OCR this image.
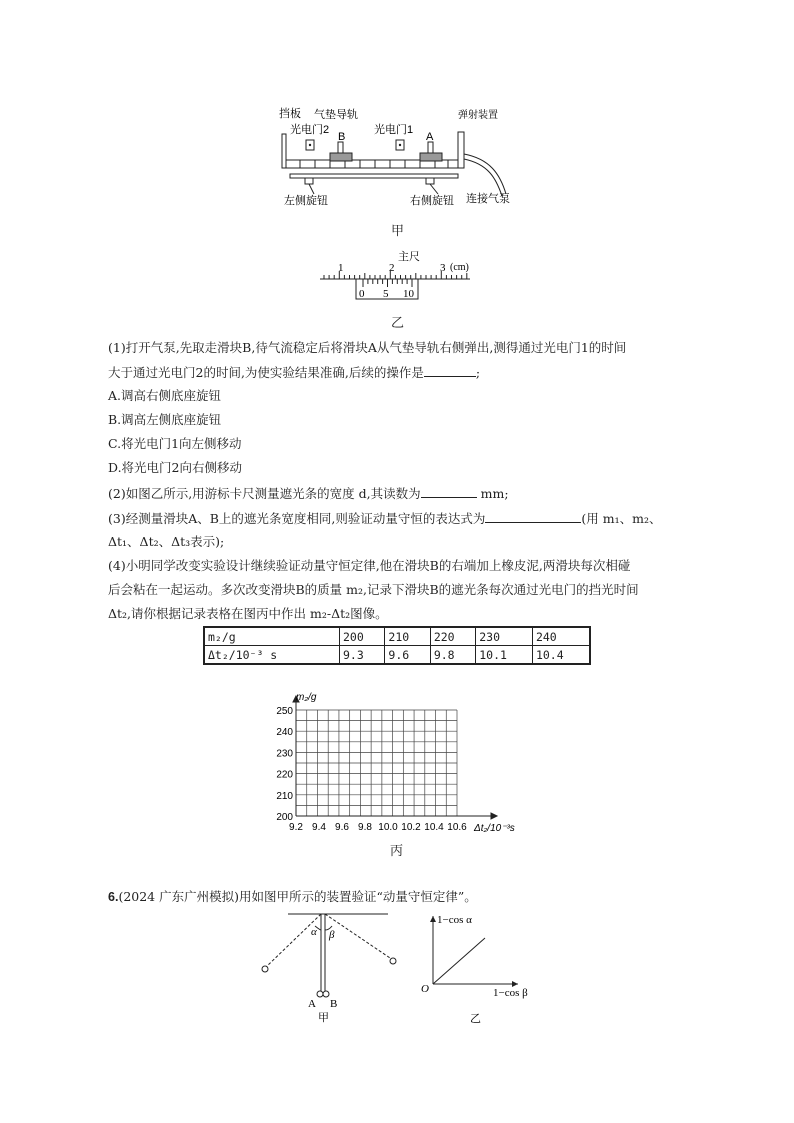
挡板 气垫导轨
光电门2
B
光电门1
A
弹射装置
左侧旋钮	右侧旋钮 连接气泵
甲
主尺
1	2	3 (cm)
0 5 10
乙
(1)打开气泵,先取走滑块B,待气流稳定后将滑块A从气垫导轨右侧弹出,测得通过光电门1的时间
大于通过光电门2的时间,为使实验结果准确,后续的操作是	;
A.调高右侧底座旋钮
B.调高左侧底座旋钮
C.将光电门1向左侧移动
D.将光电门2向右侧移动
(2)如图乙所示,用游标卡尺测量遮光条的宽度 d,其读数为	mm;
(3)经测量滑块A、B上的遮光条宽度相同,则验证动量守恒的表达式为	(用 m₁、m₂、
Δt₁、Δt₂、Δt₃表示);
(4)小明同学改变实验设计继续验证动量守恒定律,他在滑块B的右端加上橡皮泥,两滑块每次相碰
后会粘在一起运动。多次改变滑块B的质量 m₂,记录下滑块B的遮光条每次通过光电门的挡光时间
Δt₂,请你根据记录表格在图丙中作出 m₂-Δt₂图像。
m₂/g	200	210	220	230	240
Δt₂/10⁻³ s	9.3	9.6	9.8	10.1	10.4
9.2 9.4 9.6 9.8 10.0 10.2 10.4 10.6
200
210
220
230
240
250
m₂/g
Δt₂/10⁻³s
丙
6.(2024 广东广州模拟)用如图甲所示的装置验证“动量守恒定律”。
α β
A B
甲
1−cos α
1−cos β
O
乙
